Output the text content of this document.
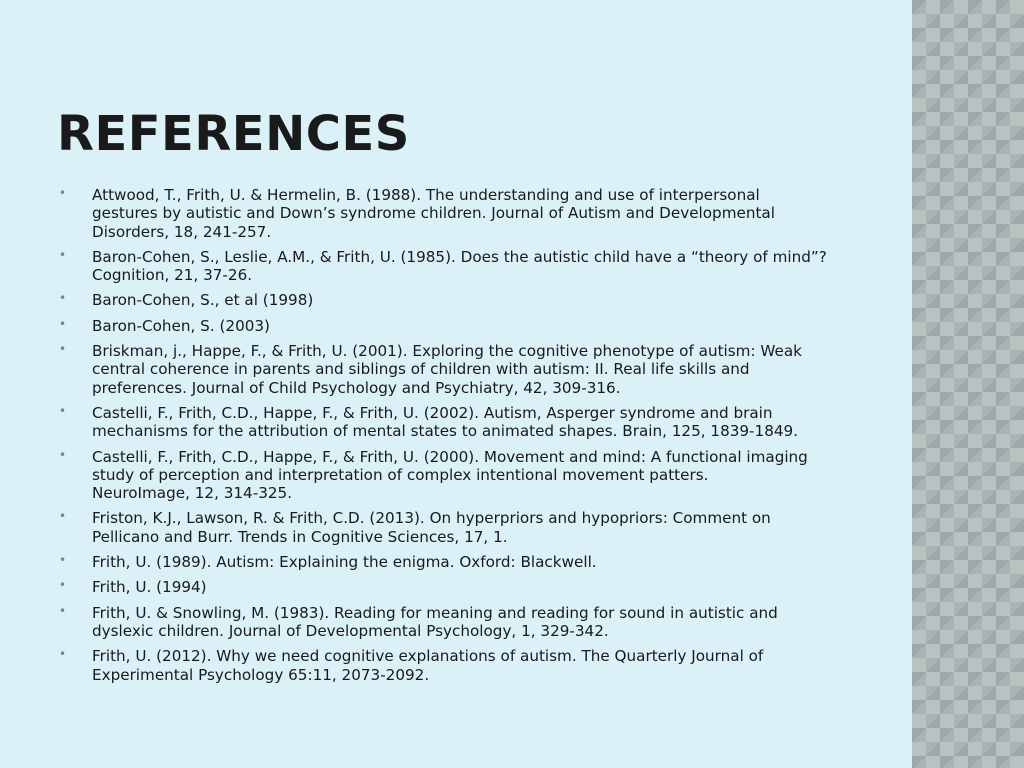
REFERENCES
• Attwood, T., Frith, U. & Hermelin, B. (1988). The understanding and use of interpersonal
gestures by autistic and Down’s syndrome children. Journal of Autism and Developmental
Disorders, 18, 241-257.
• Baron-Cohen, S., Leslie, A.M., & Frith, U. (1985). Does the autistic child have a “theory of mind”?
Cognition, 21, 37-26.
• Baron-Cohen, S., et al (1998)
• Baron-Cohen, S. (2003)
• Briskman, j., Happe, F., & Frith, U. (2001). Exploring the cognitive phenotype of autism: Weak
central coherence in parents and siblings of children with autism: II. Real life skills and
preferences. Journal of Child Psychology and Psychiatry, 42, 309-316.
• Castelli, F., Frith, C.D., Happe, F., & Frith, U. (2002). Autism, Asperger syndrome and brain
mechanisms for the attribution of mental states to animated shapes. Brain, 125, 1839-1849.
• Castelli, F., Frith, C.D., Happe, F., & Frith, U. (2000). Movement and mind: A functional imaging
study of perception and interpretation of complex intentional movement patters.
NeuroImage, 12, 314-325.
• Friston, K.J., Lawson, R. & Frith, C.D. (2013). On hyperpriors and hypopriors: Comment on
Pellicano and Burr. Trends in Cognitive Sciences, 17, 1.
• Frith, U. (1989). Autism: Explaining the enigma. Oxford: Blackwell.
• Frith, U. (1994)
• Frith, U. & Snowling, M. (1983). Reading for meaning and reading for sound in autistic and
dyslexic children. Journal of Developmental Psychology, 1, 329-342.
• Frith, U. (2012). Why we need cognitive explanations of autism. The Quarterly Journal of
Experimental Psychology 65:11, 2073-2092.
